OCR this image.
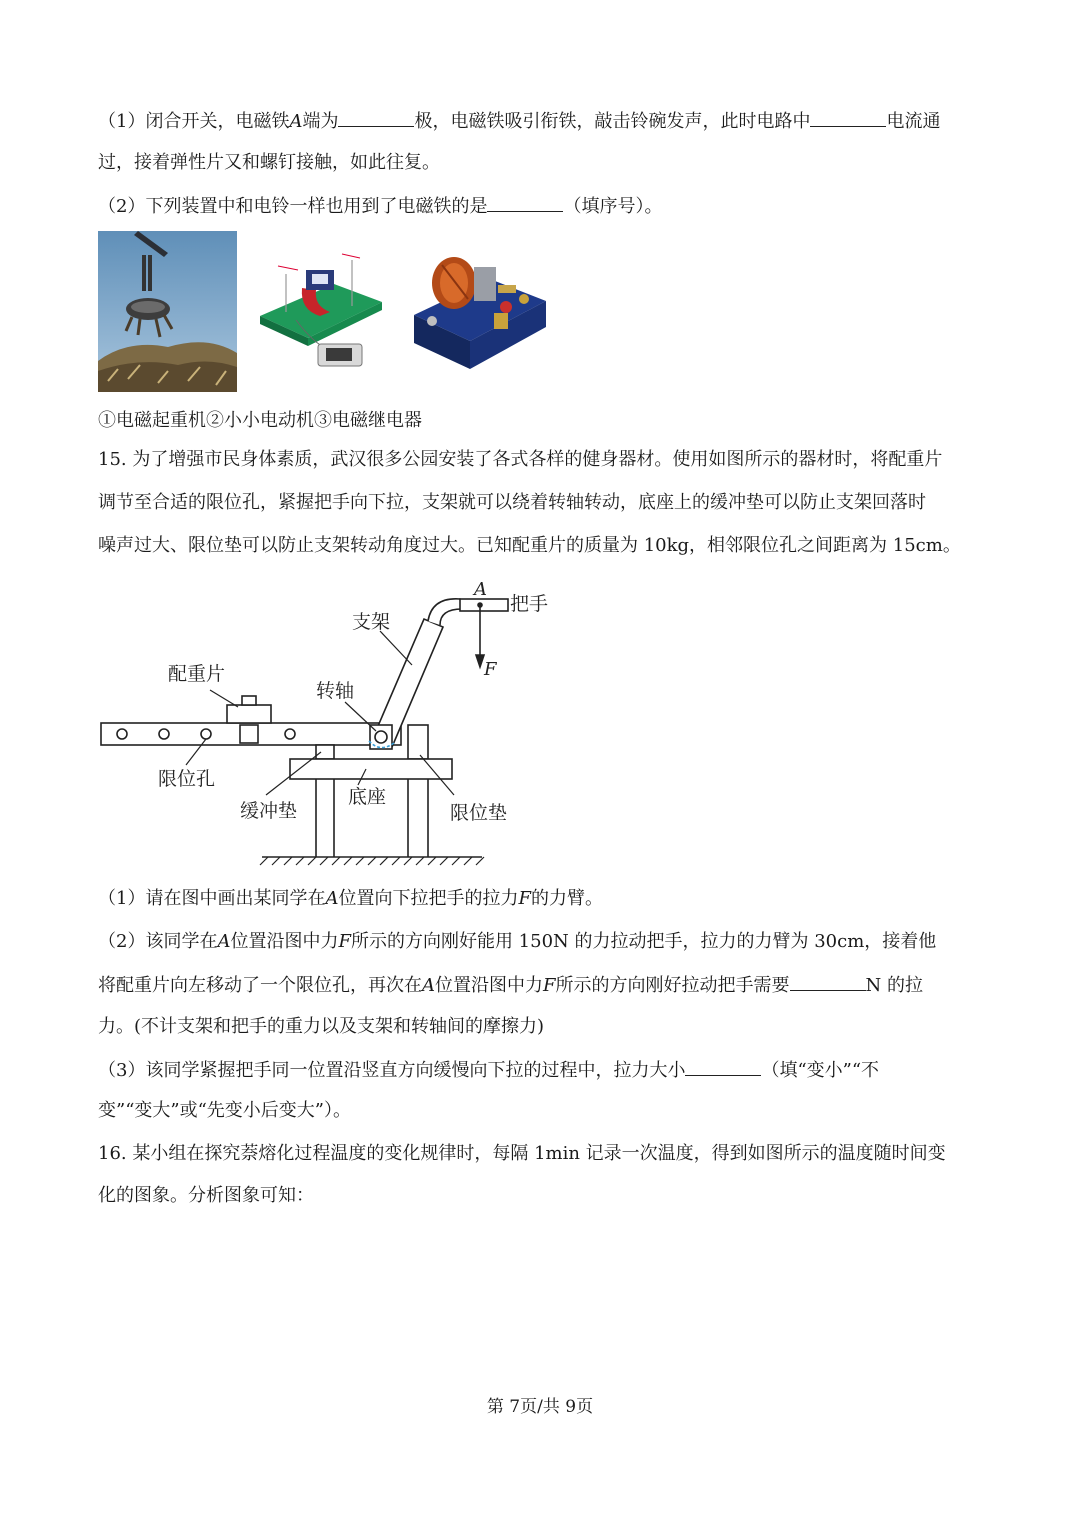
（1）闭合开关，电磁铁A端为	极，电磁铁吸引衔铁，敲击铃碗发声，此时电路中	电流通
过，接着弹性片又和螺钉接触，如此往复。
（2）下列装置中和电铃一样也用到了电磁铁的是	（填序号）。
①电磁起重机②小小电动机③电磁继电器
15. 为了增强市民身体素质，武汉很多公园安装了各式各样的健身器材。使用如图所示的器材时，将配重片
调节至合适的限位孔，紧握把手向下拉，支架就可以绕着转轴转动，底座上的缓冲垫可以防止支架回落时
噪声过大、限位垫可以防止支架转动角度过大。已知配重片的质量为 10kg，相邻限位孔之间距离为 15cm。
A
把手
支架
F
配重片
转轴
限位孔
缓冲垫
底座
限位垫
（1）请在图中画出某同学在A位置向下拉把手的拉力F的力臂。
（2）该同学在A位置沿图中力F所示的方向刚好能用 150N 的力拉动把手，拉力的力臂为 30cm，接着他
将配重片向左移动了一个限位孔，再次在A位置沿图中力F所示的方向刚好拉动把手需要	N 的拉
力。(不计支架和把手的重力以及支架和转轴间的摩擦力)
（3）该同学紧握把手同一位置沿竖直方向缓慢向下拉的过程中，拉力大小	（填“变小”“不
变”“变大”或“先变小后变大”）。
16. 某小组在探究萘熔化过程温度的变化规律时，每隔 1min 记录一次温度，得到如图所示的温度随时间变
化的图象。分析图象可知：
第 7页/共 9页
